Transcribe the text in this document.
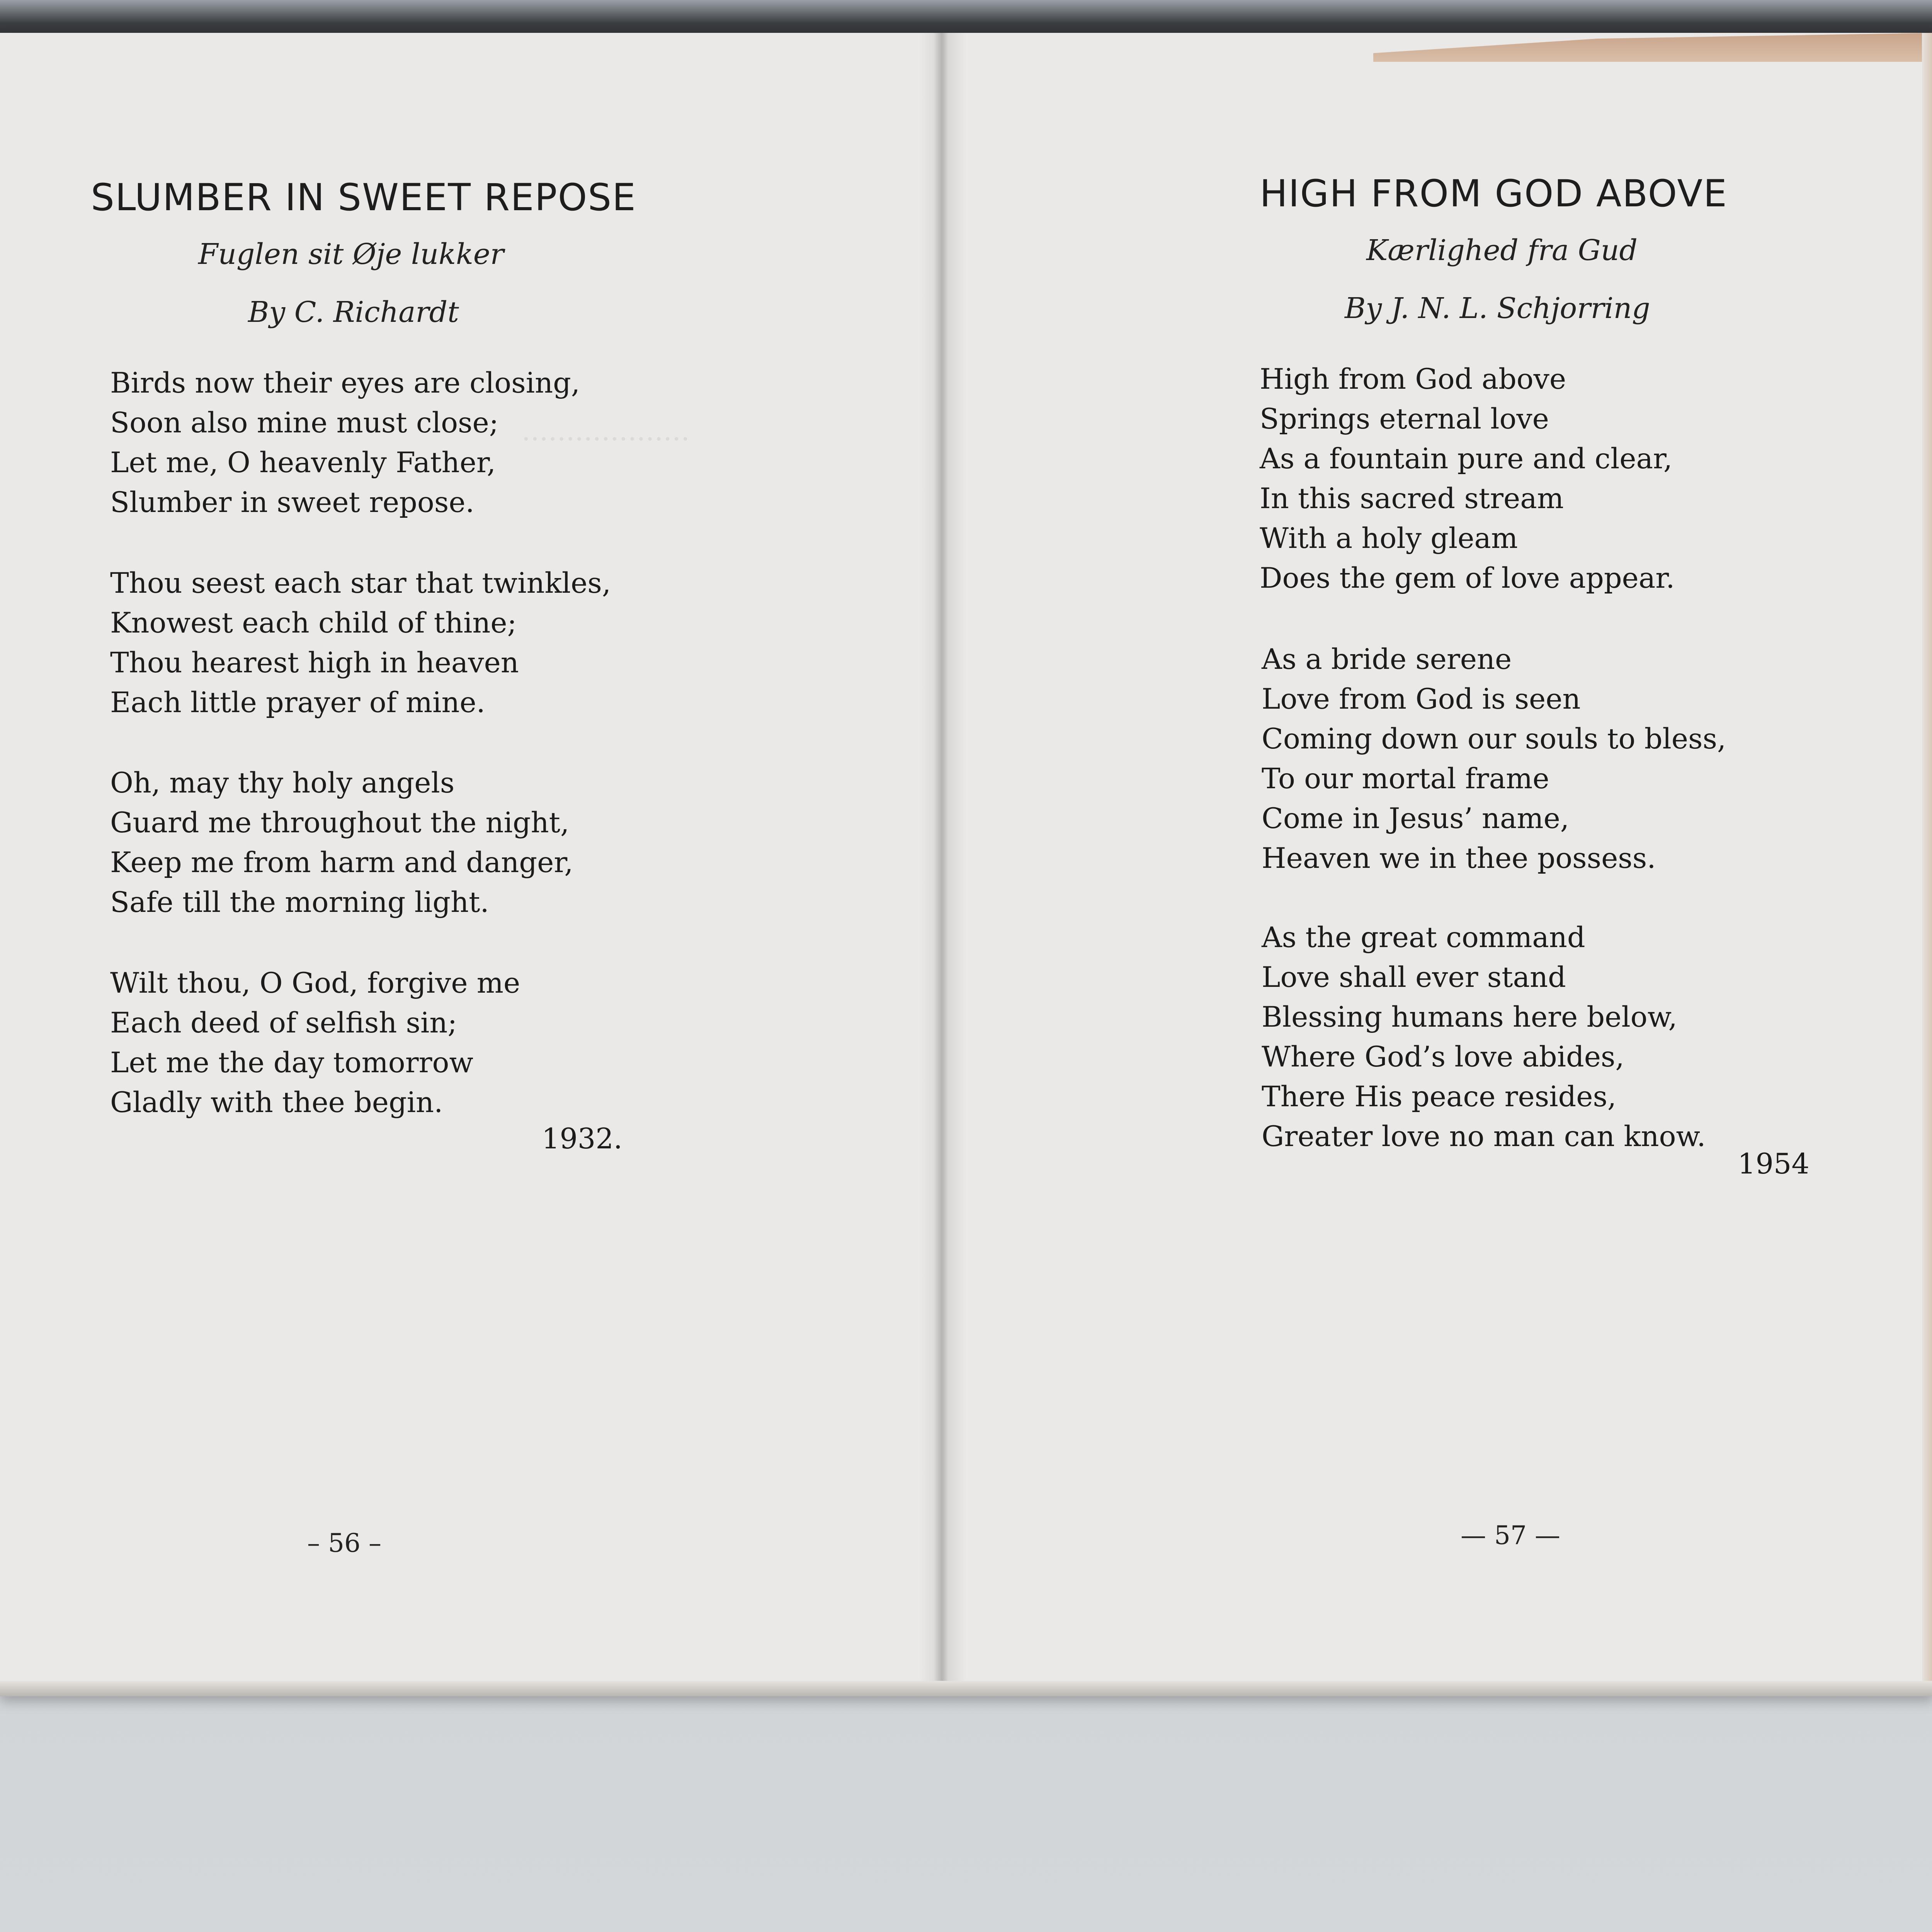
···················
SLUMBER IN SWEET REPOSE
Fuglen sit Øje lukker
By C. Richardt
Birds now their eyes are closing,
Soon also mine must close;
Let me, O heavenly Father,
Slumber in sweet repose.
Thou seest each star that twinkles,
Knowest each child of thine;
Thou hearest high in heaven
Each little prayer of mine.
Oh, may thy holy angels
Guard me throughout the night,
Keep me from harm and danger,
Safe till the morning light.
Wilt thou, O God, forgive me
Each deed of selfish sin;
Let me the day tomorrow
Gladly with thee begin.
1932.
– 56 –
HIGH FROM GOD ABOVE
Kærlighed fra Gud
By J. N. L. Schjorring
High from God above
Springs eternal love
As a fountain pure and clear,
In this sacred stream
With a holy gleam
Does the gem of love appear.
As a bride serene
Love from God is seen
Coming down our souls to bless,
To our mortal frame
Come in Jesus’ name,
Heaven we in thee possess.
As the great command
Love shall ever stand
Blessing humans here below,
Where God’s love abides,
There His peace resides,
Greater love no man can know.
1954
— 57 —
